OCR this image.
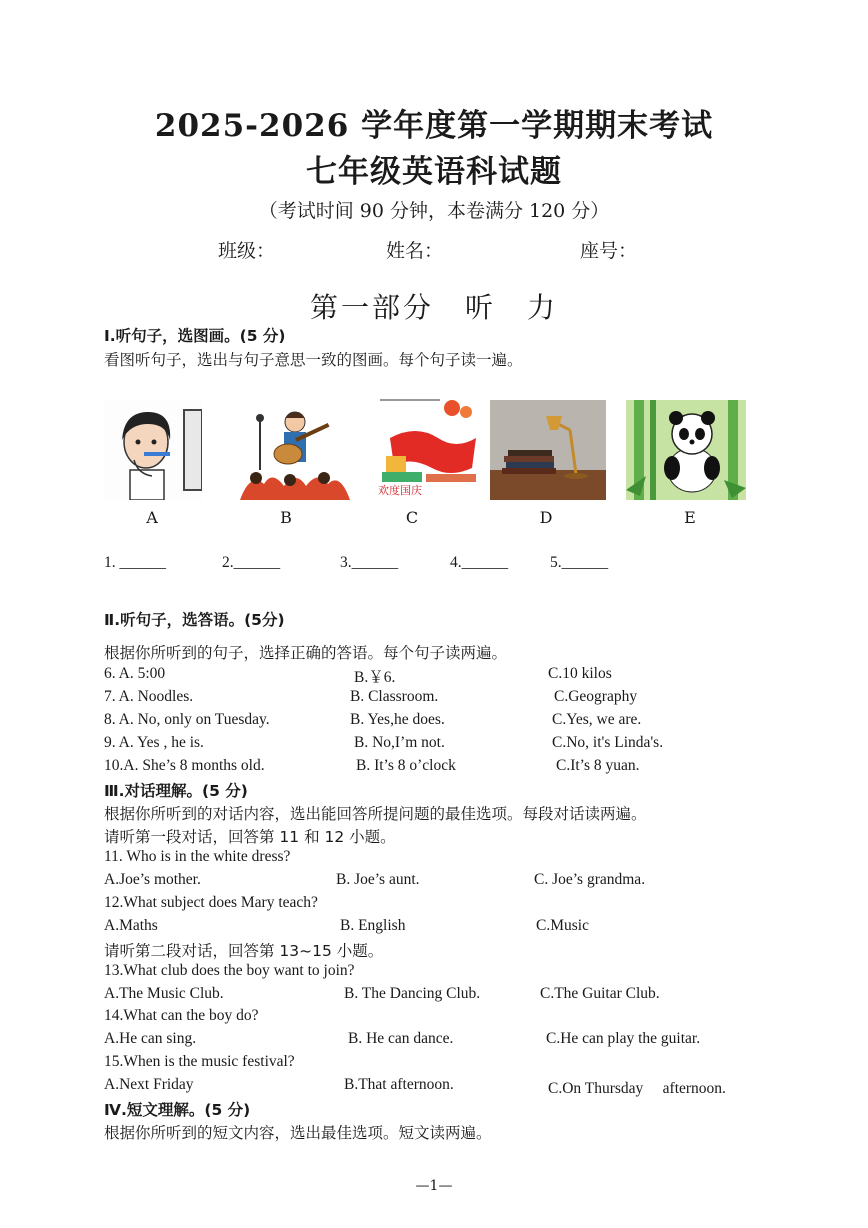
2025-2026 学年度第一学期期末考试
七年级英语科试题
（考试时间 90 分钟，本卷满分 120 分）
班级：	姓名：	座号：
第一部分　听　力
I.听句子，选图画。(5 分)
看图听句子，选出与句子意思一致的图画。每个句子读一遍。
欢度国庆
A	B	C	D	E
1. ______	2.______	3.______	4.______	5.______
Ⅱ.听句子，选答语。(5分)
根据你所听到的句子，选择正确的答语。每个句子读两遍。
6. A. 5:00	B.￥6.	C.10 kilos
7. A. Noodles.	B. Classroom.	C.Geography
8. A. No, only on Tuesday.	B. Yes,he does.	C.Yes, we are.
9. A. Yes , he is.	B. No,I’m not.	C.No, it's Linda's.
10.A. She’s 8 months old.	B. It’s 8 o’clock	C.It’s 8 yuan.
Ⅲ.对话理解。(5 分)
根据你所听到的对话内容，选出能回答所提问题的最佳选项。每段对话读两遍。
请听第一段对话，回答第 11 和 12 小题。
11. Who is in the white dress?
A.Joe’s mother.	B. Joe’s aunt.	C. Joe’s grandma.
12.What subject does Mary teach?
A.Maths	B. English	C.Music
请听第二段对话，回答第 13~15 小题。
13.What club does the boy want to join?
A.The Music Club.	B. The Dancing Club.	C.The Guitar Club.
14.What can the boy do?
A.He can sing.	B. He can dance.	C.He can play the guitar.
15.When is the music festival?
A.Next Friday	B.That afternoon.	C.On Thursday　 afternoon.
Ⅳ.短文理解。(5 分)
根据你所听到的短文内容，选出最佳选项。短文读两遍。
—1—
